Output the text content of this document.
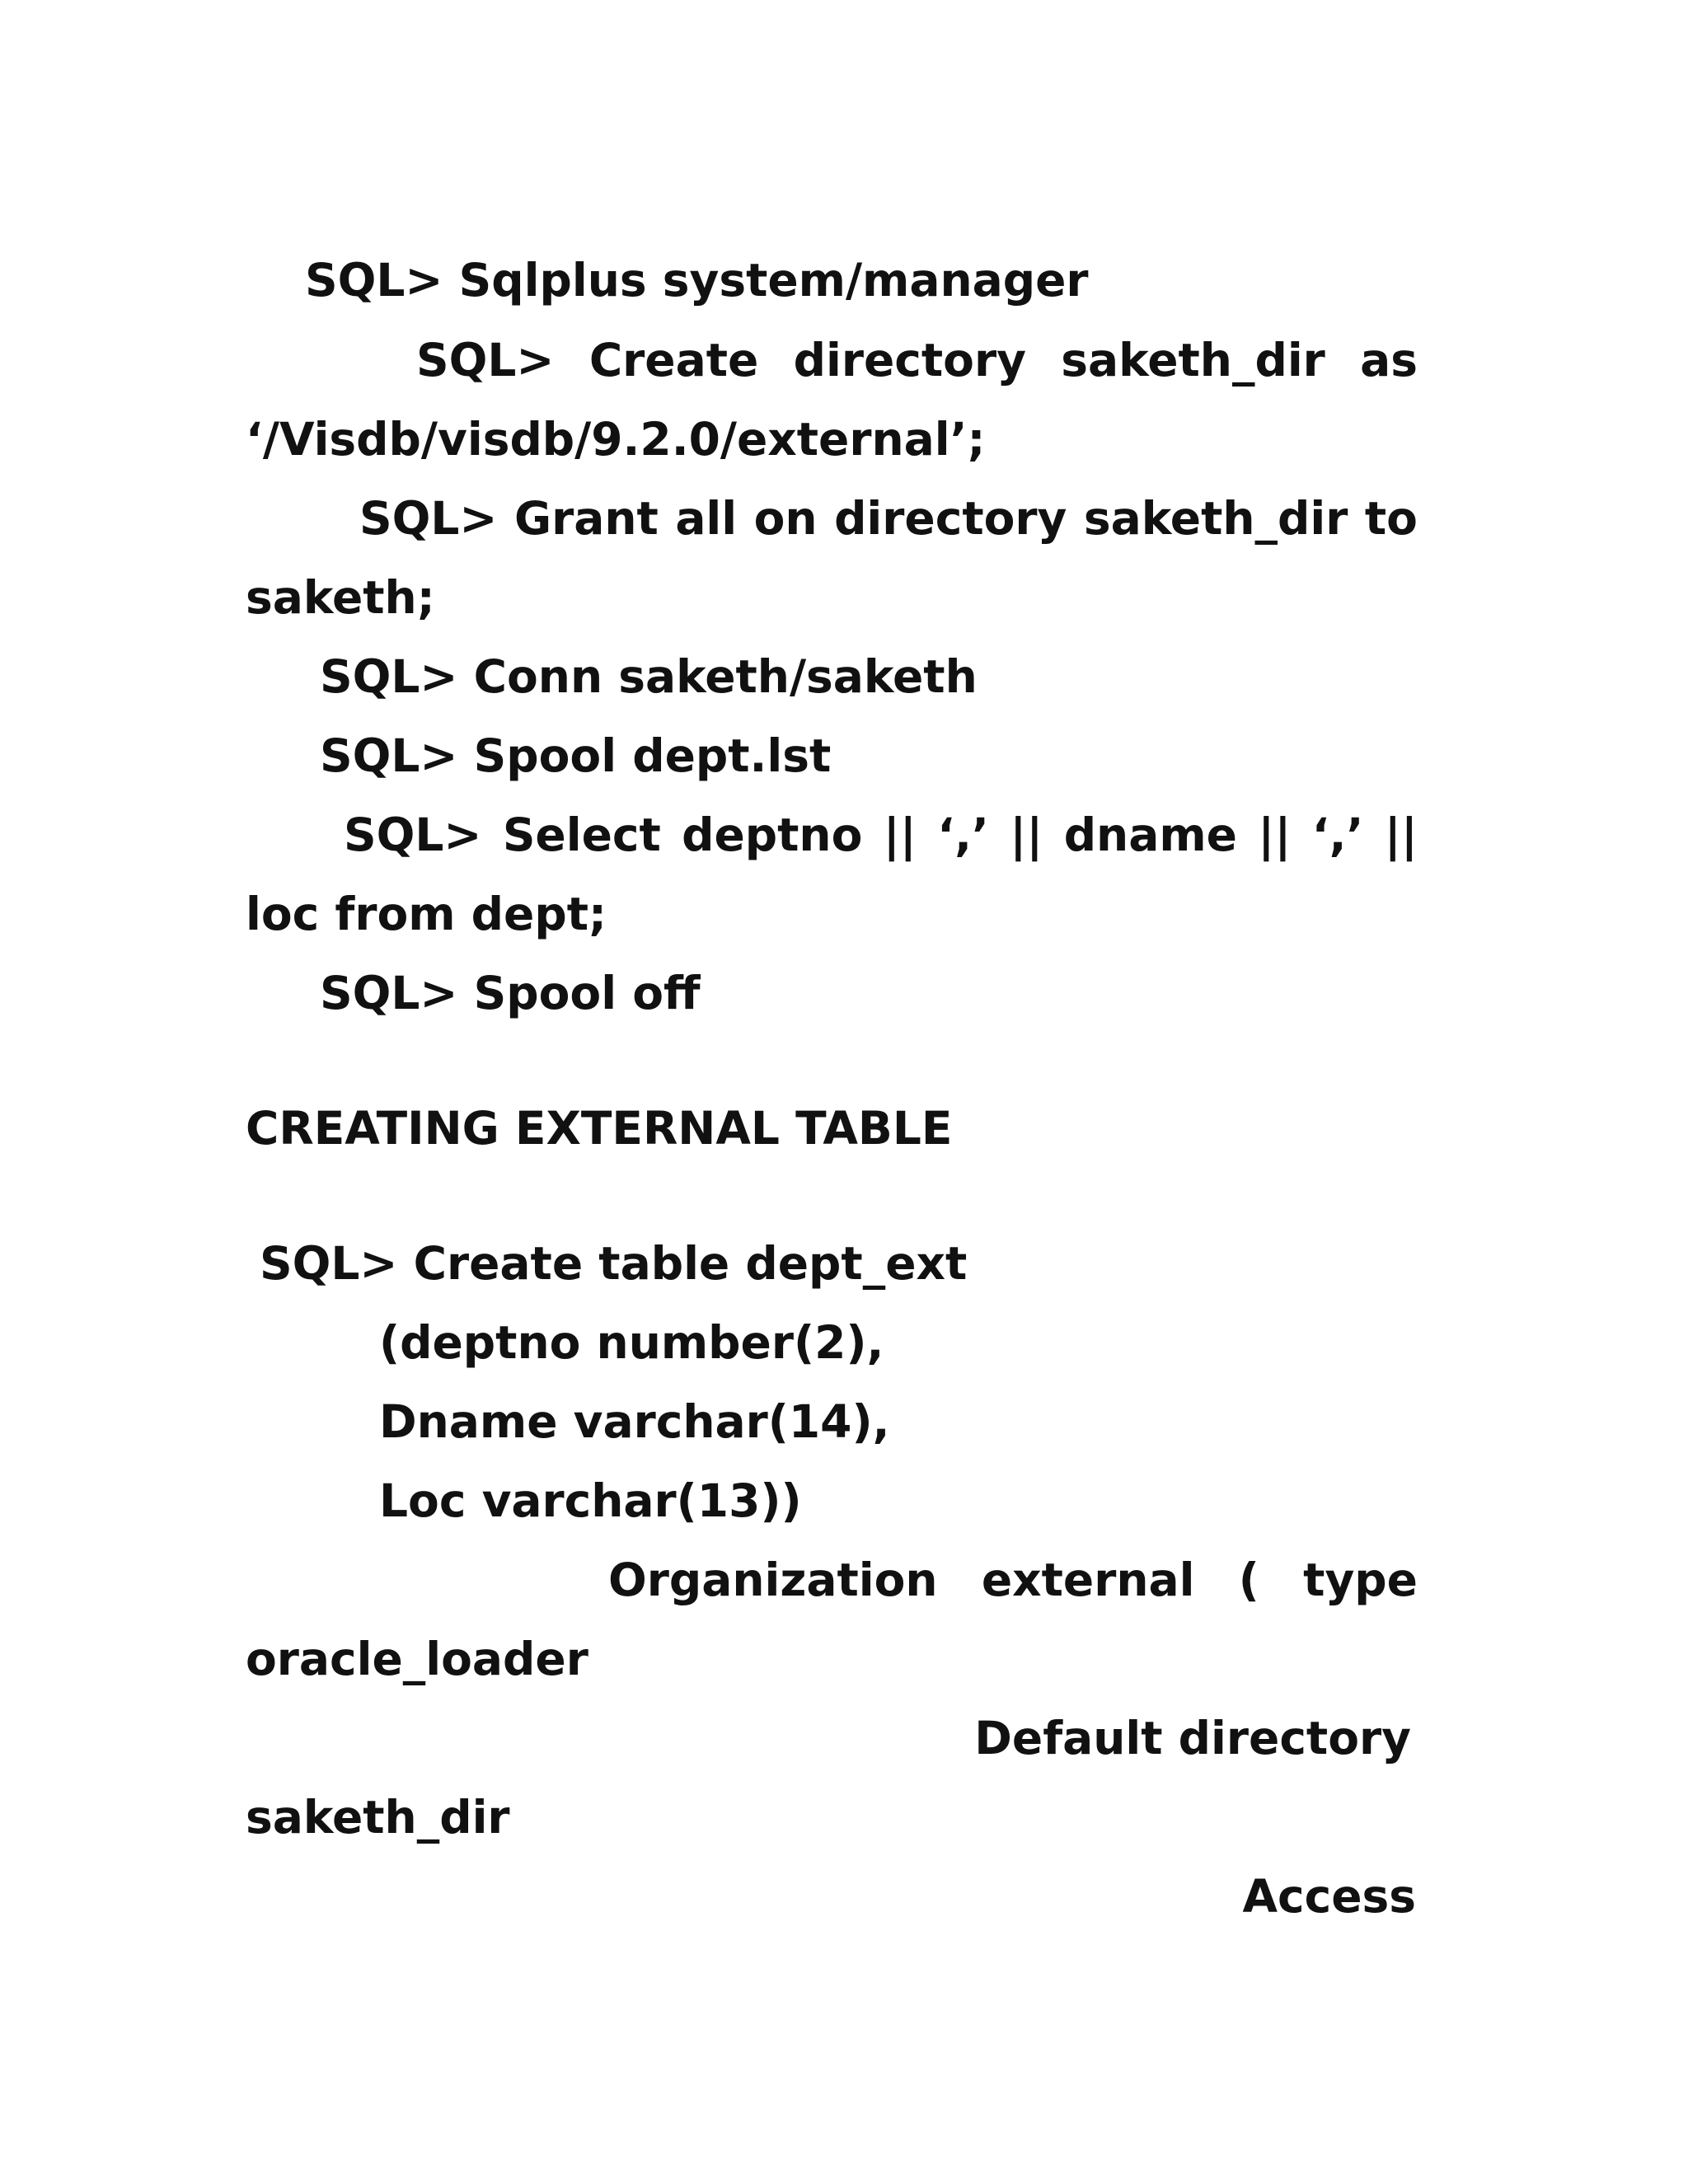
SQL> Sqlplus system/manager

SQL> Create directory saketh_dir as

‘/Visdb/visdb/9.2.0/external’;

SQL> Grant all on directory saketh_dir to

saketh;

SQL> Conn saketh/saketh

SQL> Spool dept.lst

SQL> Select deptno || ‘,’ || dname || ‘,’ ||

loc from dept;

SQL> Spool off

CREATING EXTERNAL TABLE

SQL> Create table dept_ext

(deptno number(2),

Dname varchar(14),

Loc varchar(13))

Organization external ( type

oracle_loader

Default directory

saketh_dir

Access
